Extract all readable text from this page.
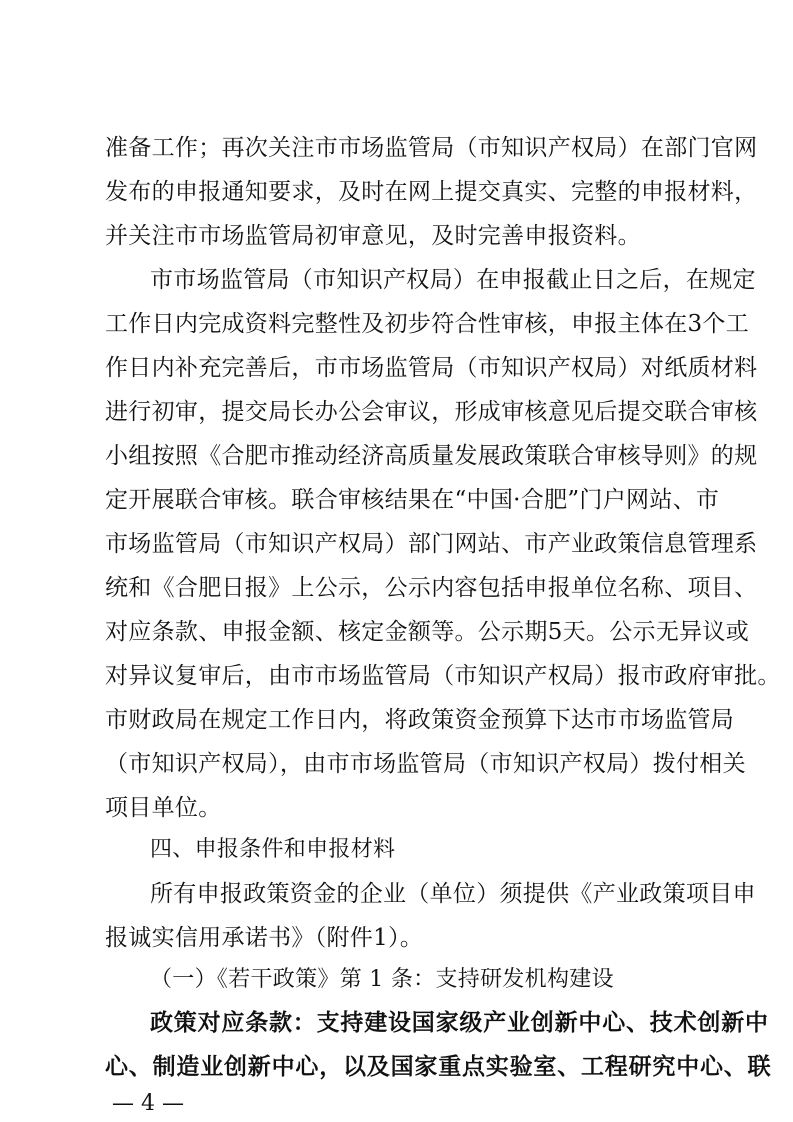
准备工作；再次关注市市场监管局（市知识产权局）在部门官网
发布的申报通知要求，及时在网上提交真实、完整的申报材料，
并关注市市场监管局初审意见，及时完善申报资料。
市市场监管局（市知识产权局）在申报截止日之后，在规定
工作日内完成资料完整性及初步符合性审核，申报主体在3个工
作日内补充完善后，市市场监管局（市知识产权局）对纸质材料
进行初审，提交局长办公会审议，形成审核意见后提交联合审核
小组按照《合肥市推动经济高质量发展政策联合审核导则》的规
定开展联合审核。联合审核结果在“中国·合肥”门户网站、市
市场监管局（市知识产权局）部门网站、市产业政策信息管理系
统和《合肥日报》上公示，公示内容包括申报单位名称、项目、
对应条款、申报金额、核定金额等。公示期5天。公示无异议或
对异议复审后，由市市场监管局（市知识产权局）报市政府审批。
市财政局在规定工作日内，将政策资金预算下达市市场监管局
（市知识产权局），由市市场监管局（市知识产权局）拨付相关
项目单位。
四、申报条件和申报材料
所有申报政策资金的企业（单位）须提供《产业政策项目申
报诚实信用承诺书》（附件1）。
（一）《若干政策》第 1 条：支持研发机构建设
政策对应条款：支持建设国家级产业创新中心、技术创新中
心、制造业创新中心，以及国家重点实验室、工程研究中心、联
— 4 —
